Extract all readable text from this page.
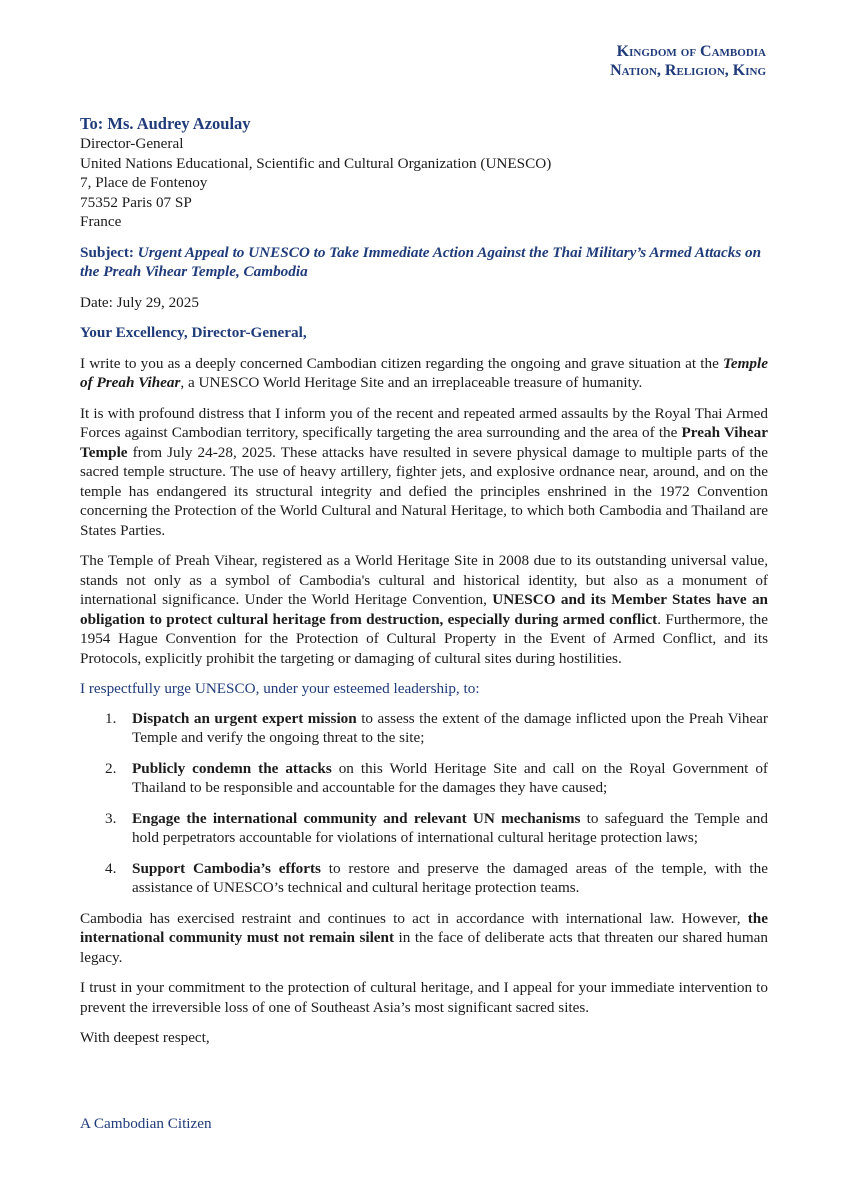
Kingdom of Cambodia
Nation, Religion, King

To: Ms. Audrey Azoulay

Director-General
United Nations Educational, Scientific and Cultural Organization (UNESCO)
7, Place de Fontenoy
75352 Paris 07 SP
France

Subject: Urgent Appeal to UNESCO to Take Immediate Action Against the Thai Military’s Armed Attacks on the Preah Vihear Temple, Cambodia

Date: July 29, 2025

Your Excellency, Director-General,

I write to you as a deeply concerned Cambodian citizen regarding the ongoing and grave situation at the Temple of Preah Vihear, a UNESCO World Heritage Site and an irreplaceable treasure of humanity.

It is with profound distress that I inform you of the recent and repeated armed assaults by the Royal Thai Armed Forces against Cambodian territory, specifically targeting the area surrounding and the area of the Preah Vihear Temple from July 24-28, 2025. These attacks have resulted in severe physical damage to multiple parts of the sacred temple structure. The use of heavy artillery, fighter jets, and explosive ordnance near, around, and on the temple has endangered its structural integrity and defied the principles enshrined in the 1972 Convention concerning the Protection of the World Cultural and Natural Heritage, to which both Cambodia and Thailand are States Parties.

The Temple of Preah Vihear, registered as a World Heritage Site in 2008 due to its outstanding universal value, stands not only as a symbol of Cambodia's cultural and historical identity, but also as a monument of international significance. Under the World Heritage Convention, UNESCO and its Member States have an obligation to protect cultural heritage from destruction, especially during armed conflict. Furthermore, the 1954 Hague Convention for the Protection of Cultural Property in the Event of Armed Conflict, and its Protocols, explicitly prohibit the targeting or damaging of cultural sites during hostilities.

I respectfully urge UNESCO, under your esteemed leadership, to:

1. Dispatch an urgent expert mission to assess the extent of the damage inflicted upon the Preah Vihear Temple and verify the ongoing threat to the site;
2. Publicly condemn the attacks on this World Heritage Site and call on the Royal Government of Thailand to be responsible and accountable for the damages they have caused;
3. Engage the international community and relevant UN mechanisms to safeguard the Temple and hold perpetrators accountable for violations of international cultural heritage protection laws;
4. Support Cambodia’s efforts to restore and preserve the damaged areas of the temple, with the assistance of UNESCO’s technical and cultural heritage protection teams.

Cambodia has exercised restraint and continues to act in accordance with international law. However, the international community must not remain silent in the face of deliberate acts that threaten our shared human legacy.

I trust in your commitment to the protection of cultural heritage, and I appeal for your immediate intervention to prevent the irreversible loss of one of Southeast Asia’s most significant sacred sites.

With deepest respect,

A Cambodian Citizen
